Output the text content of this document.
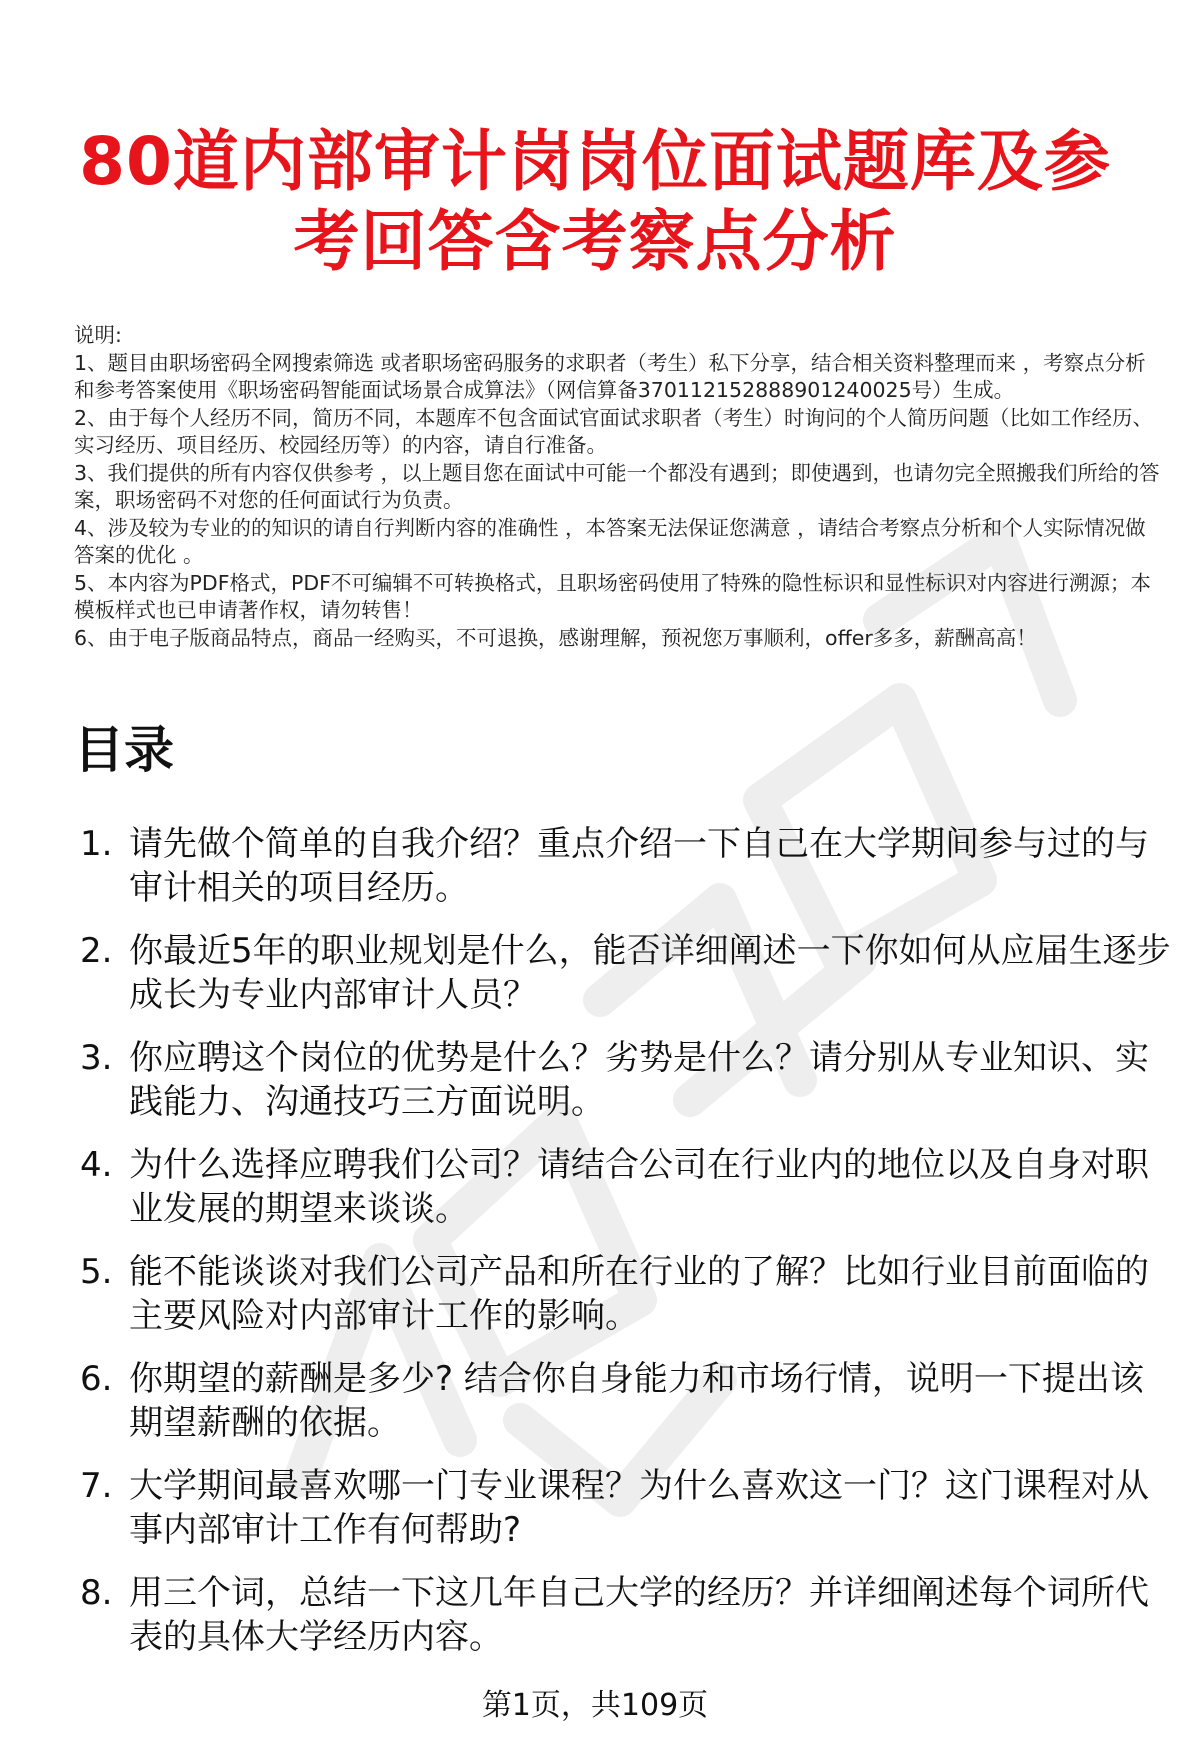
80道内部审计岗岗位面试题库及参考回答含考察点分析

说明:

1、题目由职场密码全网搜索筛选 或者职场密码服务的求职者（考生）私下分享，结合相关资料整理而来 ，考察点分析和参考答案使用《职场密码智能面试场景合成算法》（网信算备370112152888901240025号）生成。

2、由于每个人经历不同，简历不同，本题库不包含面试官面试求职者（考生）时询问的个人简历问题（比如工作经历、实习经历、项目经历、校园经历等）的内容，请自行准备。

3、我们提供的所有内容仅供参考 ，以上题目您在面试中可能一个都没有遇到；即使遇到，也请勿完全照搬我们所给的答案，职场密码不对您的任何面试行为负责。

4、涉及较为专业的的知识的请自行判断内容的准确性 ，本答案无法保证您满意 ，请结合考察点分析和个人实际情况做答案的优化 。

5、本内容为PDF格式，PDF不可编辑不可转换格式，且职场密码使用了特殊的隐性标识和显性标识对内容进行溯源；本模板样式也已申请著作权，请勿转售！

6、由于电子版商品特点，商品一经购买，不可退换，感谢理解，预祝您万事顺利，offer多多，薪酬高高！

目录
1. 请先做个简单的自我介绍？重点介绍一下自己在大学期间参与过的与审计相关的项目经历。
2. 你最近5年的职业规划是什么，能否详细阐述一下你如何从应届生逐步成长为专业内部审计人员？
3. 你应聘这个岗位的优势是什么？劣势是什么？请分别从专业知识、实践能力、沟通技巧三方面说明。
4. 为什么选择应聘我们公司？请结合公司在行业内的地位以及自身对职业发展的期望来谈谈。
5. 能不能谈谈对我们公司产品和所在行业的了解？比如行业目前面临的主要风险对内部审计工作的影响。
6. 你期望的薪酬是多少? 结合你自身能力和市场行情，说明一下提出该期望薪酬的依据。
7. 大学期间最喜欢哪一门专业课程？为什么喜欢这一门？这门课程对从事内部审计工作有何帮助?
8. 用三个词，总结一下这几年自己大学的经历？并详细阐述每个词所代表的具体大学经历内容。
第1页，共109页
